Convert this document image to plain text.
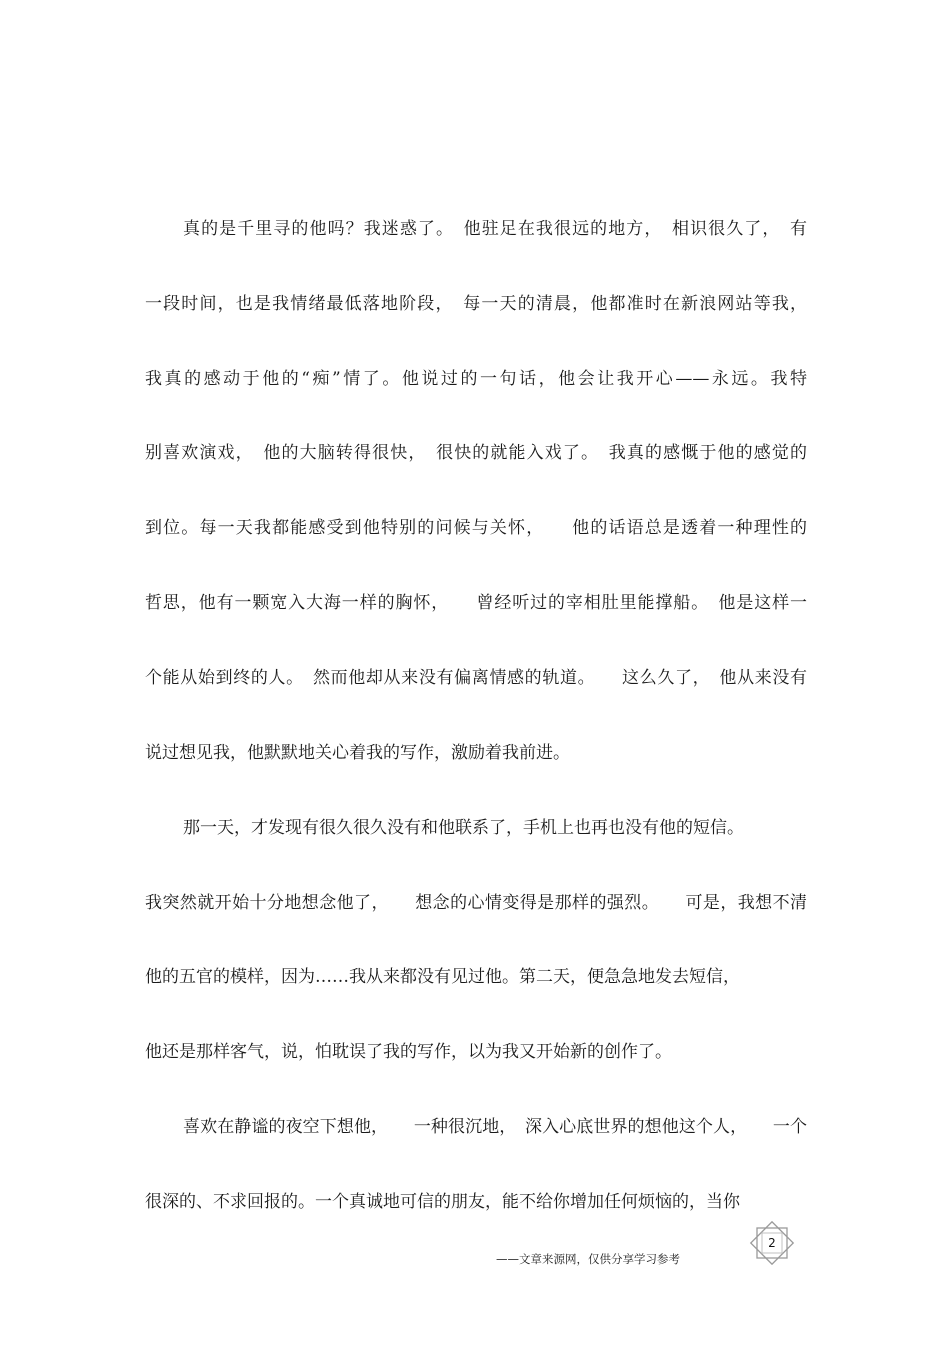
真的是千里寻的他吗？我迷惑了。　他驻足在我很远的地方，　相识很久了，　有
一段时间，也是我情绪最低落地阶段，　每一天的清晨，他都准时在新浪网站等我，
我真的感动于他的“痴”情了。他说过的一句话，他会让我开心——永远。我特
别喜欢演戏，　他的大脑转得很快，　很快的就能入戏了。　我真的感慨于他的感觉的
到位。每一天我都能感受到他特别的问候与关怀，　　他的话语总是透着一种理性的
哲思，他有一颗宽入大海一样的胸怀，　　曾经听过的宰相肚里能撑船。　他是这样一
个能从始到终的人。　然而他却从来没有偏离情感的轨道。　　这么久了，　他从来没有
说过想见我，他默默地关心着我的写作，激励着我前进。
那一天，才发现有很久很久没有和他联系了，手机上也再也没有他的短信。
我突然就开始十分地想念他了，　　想念的心情变得是那样的强烈。　　可是，我想不清
他的五官的模样，因为……我从来都没有见过他。第二天，便急急地发去短信，
他还是那样客气，说，怕耽误了我的写作，以为我又开始新的创作了。
喜欢在静谧的夜空下想他，　　一种很沉地，　深入心底世界的想他这个人，　　一个
很深的、不求回报的。一个真诚地可信的朋友，能不给你增加任何烦恼的，当你
2
——文章来源网，仅供分享学习参考
